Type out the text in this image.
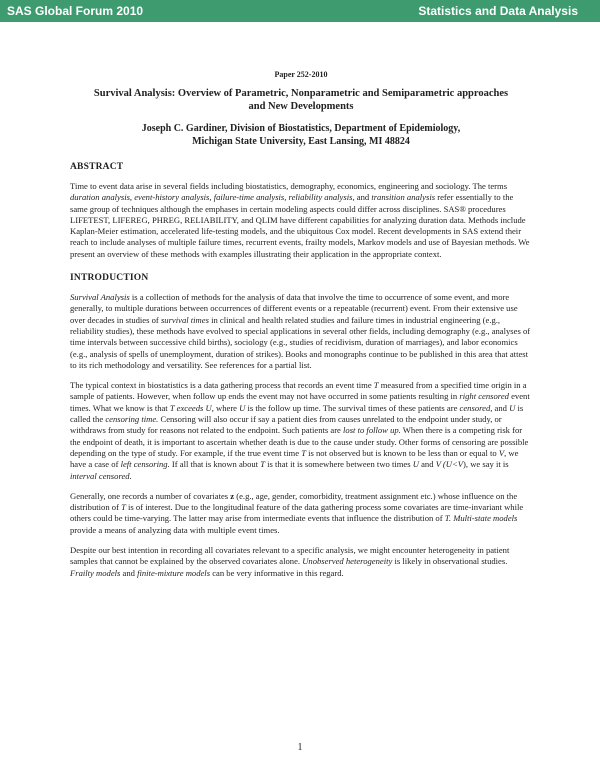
SAS Global Forum 2010	Statistics and Data Analysis
Paper 252-2010
Survival Analysis: Overview of Parametric, Nonparametric and Semiparametric approaches
and New Developments
Joseph C. Gardiner, Division of Biostatistics, Department of Epidemiology,
Michigan State University, East Lansing, MI 48824
ABSTRACT

Time to event data arise in several fields including biostatistics, demography, economics, engineering and sociology. The terms duration analysis, event-history analysis, failure-time analysis, reliability analysis, and transition analysis refer essentially to the same group of techniques although the emphases in certain modeling aspects could differ across disciplines. SAS® procedures LIFETEST, LIFEREG, PHREG, RELIABILITY, and QLIM have different capabilities for analyzing duration data. Methods include Kaplan-Meier estimation, accelerated life-testing models, and the ubiquitous Cox model. Recent developments in SAS extend their reach to include analyses of multiple failure times, recurrent events, frailty models, Markov models and use of Bayesian methods. We present an overview of these methods with examples illustrating their application in the appropriate context.

INTRODUCTION

Survival Analysis is a collection of methods for the analysis of data that involve the time to occurrence of some event, and more generally, to multiple durations between occurrences of different events or a repeatable (recurrent) event. From their extensive use over decades in studies of survival times in clinical and health related studies and failure times in industrial engineering (e.g., reliability studies), these methods have evolved to special applications in several other fields, including demography (e.g., analyses of time intervals between successive child births), sociology (e.g., studies of recidivism, duration of marriages), and labor economics (e.g., analysis of spells of unemployment, duration of strikes). Books and monographs continue to be published in this area that attest to its rich methodology and versatility. See references for a partial list.

The typical context in biostatistics is a data gathering process that records an event time T measured from a specified time origin in a sample of patients. However, when follow up ends the event may not have occurred in some patients resulting in right censored event times. What we know is that T exceeds U, where U is the follow up time. The survival times of these patients are censored, and U is called the censoring time. Censoring will also occur if say a patient dies from causes unrelated to the endpoint under study, or withdraws from study for reasons not related to the endpoint. Such patients are lost to follow up. When there is a competing risk for the endpoint of death, it is important to ascertain whether death is due to the cause under study. Other forms of censoring are possible depending on the type of study. For example, if the true event time T is not observed but is known to be less than or equal to V, we have a case of left censoring. If all that is known about T is that it is somewhere between two times U and V (U<V), we say it is interval censored.

Generally, one records a number of covariates z (e.g., age, gender, comorbidity, treatment assignment etc.) whose influence on the distribution of T is of interest. Due to the longitudinal feature of the data gathering process some covariates are time-invariant while others could be time-varying. The latter may arise from intermediate events that influence the distribution of T. Multi-state models provide a means of analyzing data with multiple event times.

Despite our best intention in recording all covariates relevant to a specific analysis, we might encounter heterogeneity in patient samples that cannot be explained by the observed covariates alone. Unobserved heterogeneity is likely in observational studies. Frailty models and finite-mixture models can be very informative in this regard.

1
